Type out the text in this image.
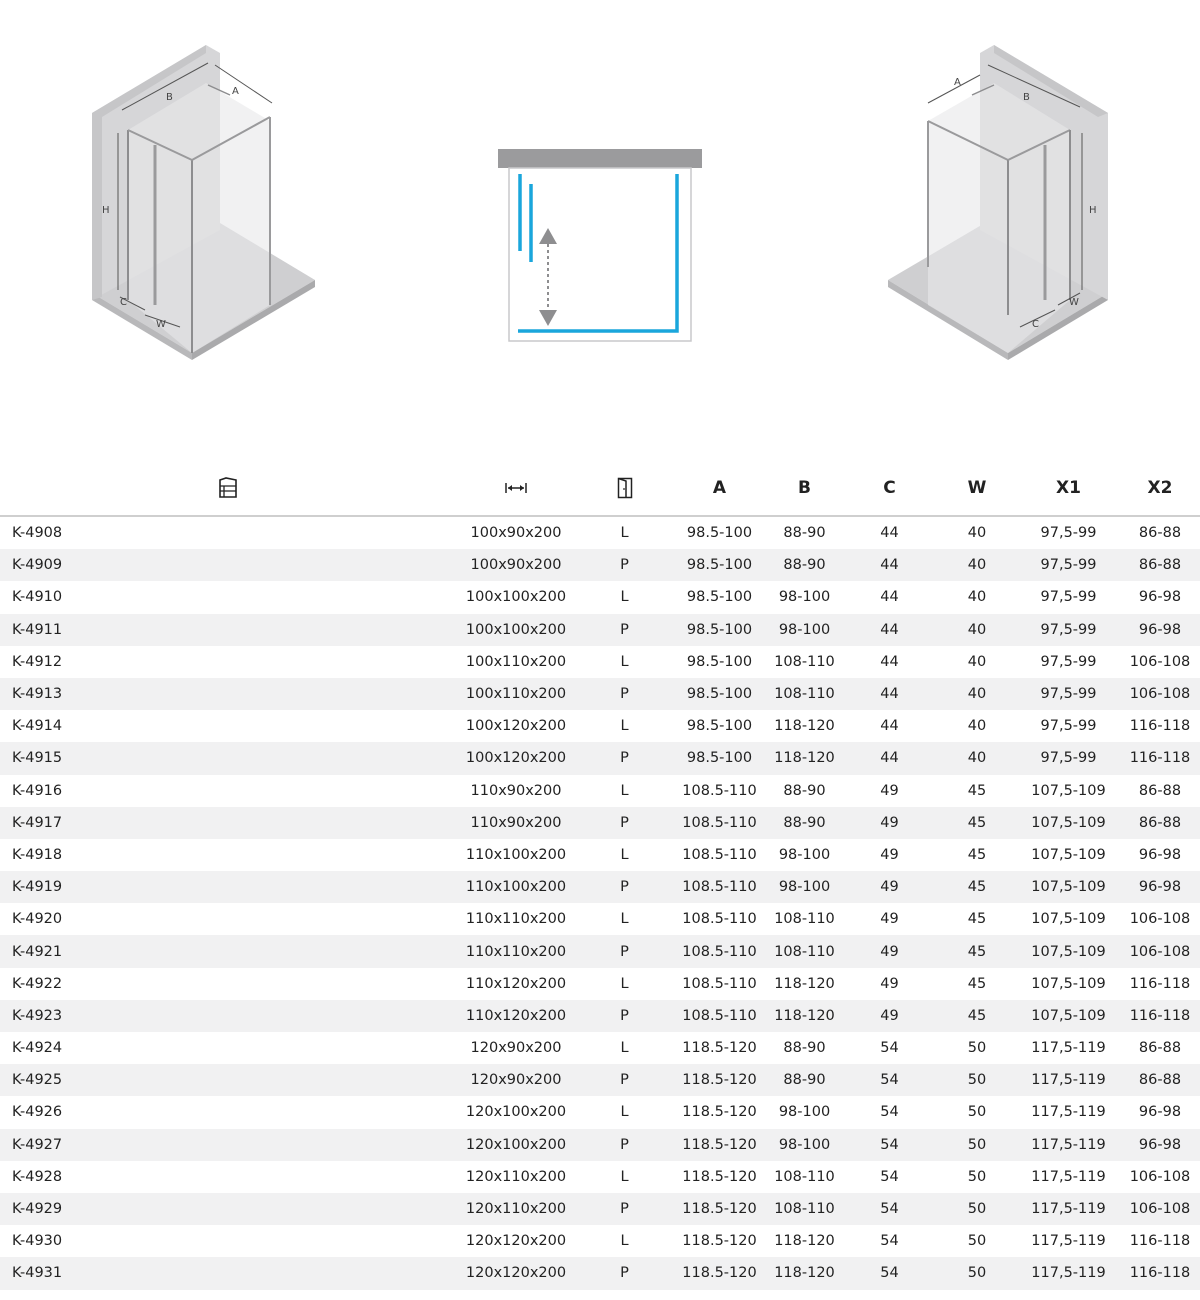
B
A
H
C
W
A
B
H
C
W
			A	B	C	W	X1	X2
K-4908	100x90x200	L	98.5-100	88-90	44	40	97,5-99	86-88
K-4909	100x90x200	P	98.5-100	88-90	44	40	97,5-99	86-88
K-4910	100x100x200	L	98.5-100	98-100	44	40	97,5-99	96-98
K-4911	100x100x200	P	98.5-100	98-100	44	40	97,5-99	96-98
K-4912	100x110x200	L	98.5-100	108-110	44	40	97,5-99	106-108
K-4913	100x110x200	P	98.5-100	108-110	44	40	97,5-99	106-108
K-4914	100x120x200	L	98.5-100	118-120	44	40	97,5-99	116-118
K-4915	100x120x200	P	98.5-100	118-120	44	40	97,5-99	116-118
K-4916	110x90x200	L	108.5-110	88-90	49	45	107,5-109	86-88
K-4917	110x90x200	P	108.5-110	88-90	49	45	107,5-109	86-88
K-4918	110x100x200	L	108.5-110	98-100	49	45	107,5-109	96-98
K-4919	110x100x200	P	108.5-110	98-100	49	45	107,5-109	96-98
K-4920	110x110x200	L	108.5-110	108-110	49	45	107,5-109	106-108
K-4921	110x110x200	P	108.5-110	108-110	49	45	107,5-109	106-108
K-4922	110x120x200	L	108.5-110	118-120	49	45	107,5-109	116-118
K-4923	110x120x200	P	108.5-110	118-120	49	45	107,5-109	116-118
K-4924	120x90x200	L	118.5-120	88-90	54	50	117,5-119	86-88
K-4925	120x90x200	P	118.5-120	88-90	54	50	117,5-119	86-88
K-4926	120x100x200	L	118.5-120	98-100	54	50	117,5-119	96-98
K-4927	120x100x200	P	118.5-120	98-100	54	50	117,5-119	96-98
K-4928	120x110x200	L	118.5-120	108-110	54	50	117,5-119	106-108
K-4929	120x110x200	P	118.5-120	108-110	54	50	117,5-119	106-108
K-4930	120x120x200	L	118.5-120	118-120	54	50	117,5-119	116-118
K-4931	120x120x200	P	118.5-120	118-120	54	50	117,5-119	116-118
